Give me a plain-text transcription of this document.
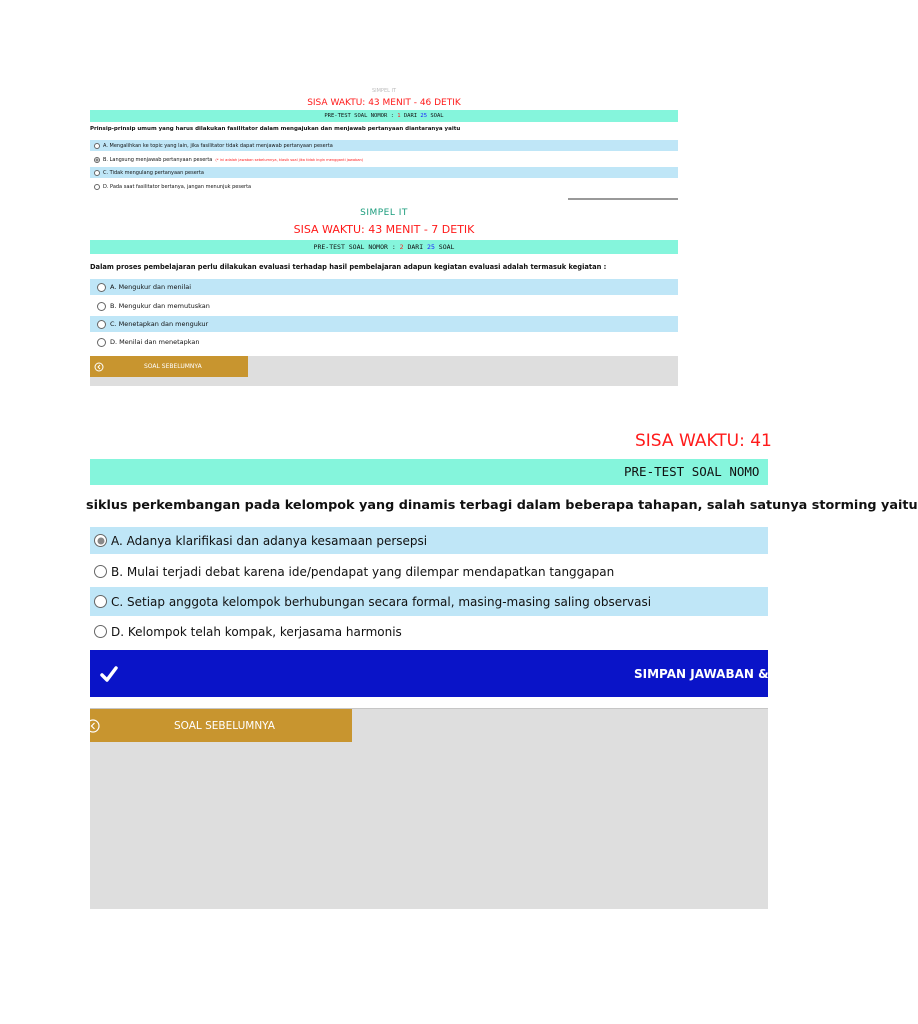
SIMPEL IT
SISA WAKTU: 43 MENIT - 46 DETIK
PRE-TEST SOAL NOMOR : 1 DARI 25 SOAL
Prinsip-prinsip umum yang harus dilakukan fasilitator dalam mengajukan dan menjawab pertanyaan diantaranya yaitu
A. Mengalihkan ke topic yang lain, jika fasilitator tidak dapat menjawab pertanyaan peserta
B. Langsung menjawab pertanyaan peserta (* ini adalah jawaban sebelumnya, klasik soal jika tidak ingin mengganti jawaban)
C. Tidak mengulang pertanyaan peserta
D. Pada saat fasilitator bertanya, jangan menunjuk peserta
SIMPEL IT
SISA WAKTU: 43 MENIT - 7 DETIK
PRE-TEST SOAL NOMOR : 2 DARI 25 SOAL
Dalam proses pembelajaran perlu dilakukan evaluasi terhadap hasil pembelajaran adapun kegiatan evaluasi adalah termasuk kegiatan :
A. Mengukur dan menilai
B. Mengukur dan memutuskan
C. Menetapkan dan mengukur
D. Menilai dan menetapkan
SOAL SEBELUMNYA
SISA WAKTU: 41
PRE-TEST SOAL NOMO
siklus perkembangan pada kelompok yang dinamis terbagi dalam beberapa tahapan, salah satunya storming yaitu
A. Adanya klarifikasi dan adanya kesamaan persepsi
B. Mulai terjadi debat karena ide/pendapat yang dilempar mendapatkan tanggapan
C. Setiap anggota kelompok berhubungan secara formal, masing-masing saling observasi
D. Kelompok telah kompak, kerjasama harmonis
SIMPAN JAWABAN &
SOAL SEBELUMNYA
